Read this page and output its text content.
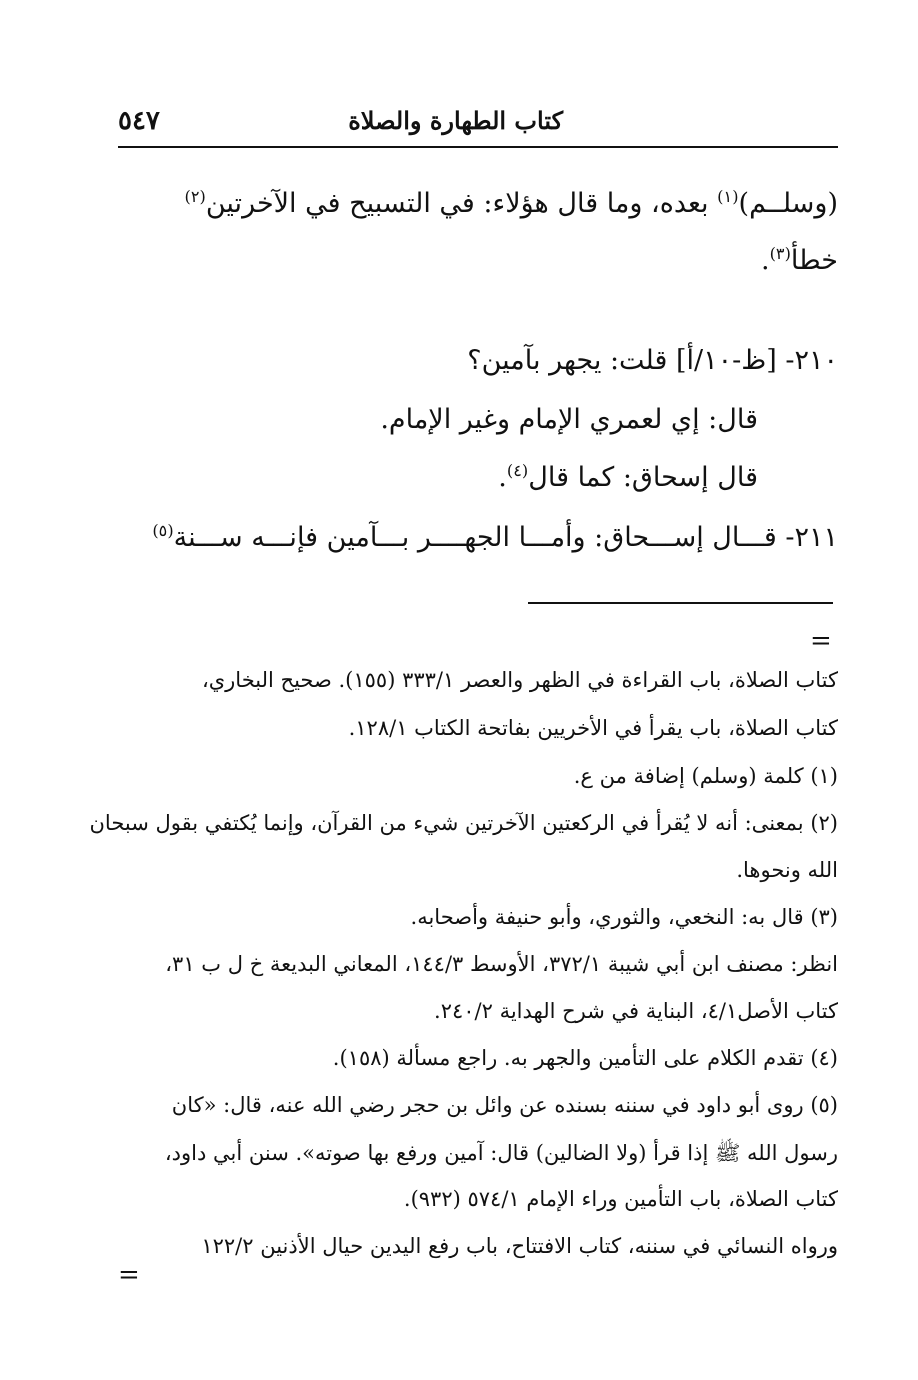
كتاب الطهارة والصلاة
٥٤٧
(وسلــم)$^{(١)}$ بعده، وما قال هؤلاء: في التسبيح في الآخرتين$^{(٢)}$
خطأ$^{(٣)}$.
٢١٠- [ظ-١٠/أ] قلت: يجهر بآمين؟
قال: إي لعمري الإمام وغير الإمام.
قال إسحاق: كما قال$^{(٤)}$.
٢١١- قـــال إســـحاق: وأمـــا الجهــــر بـــآمين فإنـــه ســـنة$^{(٥)}$
=
كتاب الصلاة، باب القراءة في الظهر والعصر ٣٣٣/١ (١٥٥). صحيح البخاري،
كتاب الصلاة، باب يقرأ في الأخريين بفاتحة الكتاب ١٢٨/١.
(١) كلمة (وسلم) إضافة من ع.
(٢) بمعنى: أنه لا يُقرأ في الركعتين الآخرتين شيء من القرآن، وإنما يُكتفي بقول سبحان
الله ونحوها.
(٣) قال به: النخعي، والثوري، وأبو حنيفة وأصحابه.
انظر: مصنف ابن أبي شيبة ٣٧٢/١، الأوسط ١٤٤/٣، المعاني البديعة خ ل ب ٣١،
كتاب الأصل٤/١، البناية في شرح الهداية ٢٤٠/٢.
(٤) تقدم الكلام على التأمين والجهر به. راجع مسألة (١٥٨).
(٥) روى أبو داود في سننه بسنده عن وائل بن حجر رضي الله عنه، قال: «كان
رسول الله ﷺ إذا قرأ (ولا الضالين) قال: آمين ورفع بها صوته». سنن أبي داود،
كتاب الصلاة، باب التأمين وراء الإمام ٥٧٤/١ (٩٣٢).
ورواه النسائي في سننه، كتاب الافتتاح، باب رفع اليدين حيال الأذنين ١٢٢/٢
=
